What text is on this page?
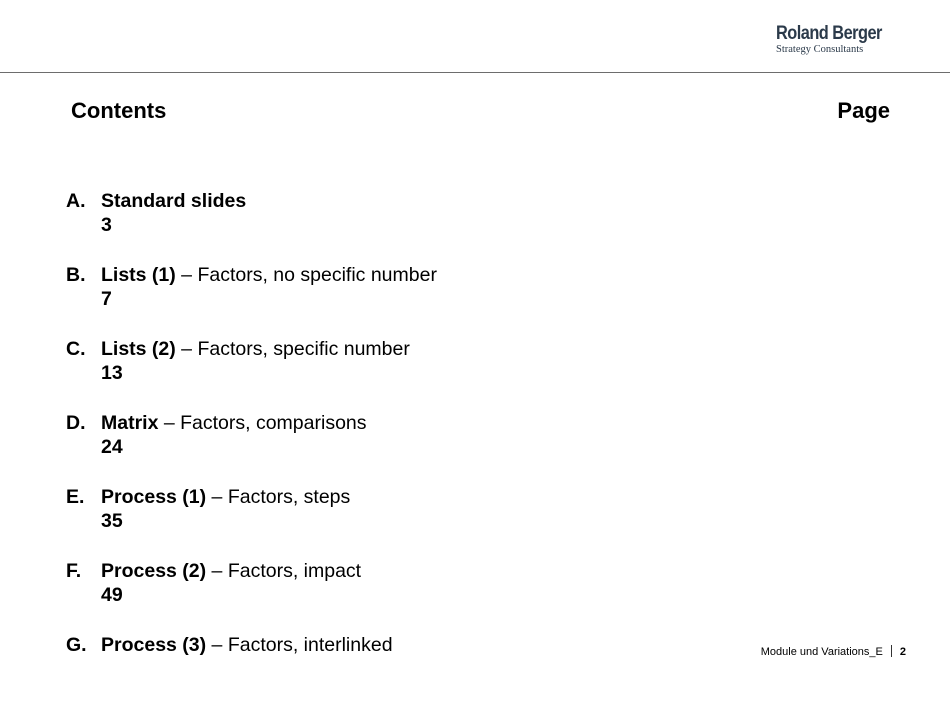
Roland Berger
Strategy Consultants
Contents	Page
A. Standard slides
3
B. Lists (1) – Factors, no specific number
7
C. Lists (2) – Factors, specific number
13
D. Matrix – Factors, comparisons
24
E. Process (1) – Factors, steps
35
F.	Process (2) – Factors, impact
49
G. Process (3) – Factors, interlinked	Module und Variations_E 2
